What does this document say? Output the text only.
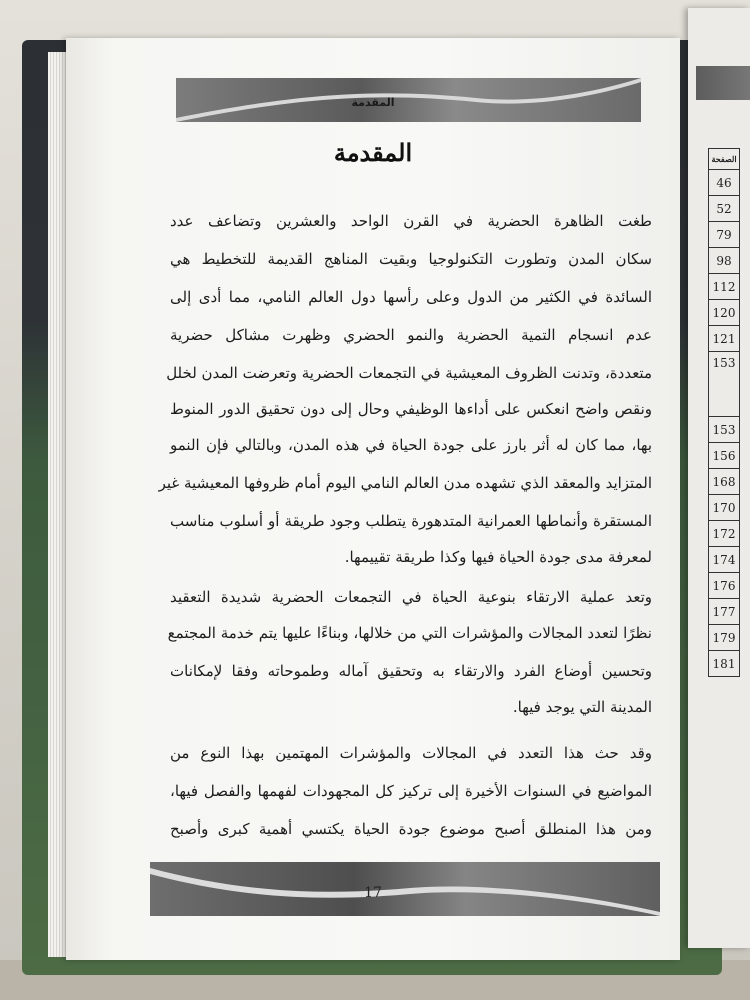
الصفحة
46
52
79
98
112
120
121
153
153
156
168
170
172
174
176
177
179
181
المقدمة
المقدمة
طغت الظاهرة الحضرية في القرن الواحد والعشرين وتضاعف عدد
سكان المدن وتطورت التكنولوجيا وبقيت المناهج القديمة للتخطيط هي
السائدة في الكثير من الدول وعلى رأسها دول العالم النامي، مما أدى إلى
عدم انسجام التمية الحضرية والنمو الحضري وظهرت مشاكل حضرية
متعددة، وتدنت الظروف المعيشية في التجمعات الحضرية وتعرضت المدن لخلل
ونقص واضح انعكس على أداءها الوظيفي وحال إلى دون تحقيق الدور المنوط
بها، مما كان له أثر بارز على جودة الحياة في هذه المدن، وبالتالي فإن النمو
المتزايد والمعقد الذي تشهده مدن العالم النامي اليوم أمام ظروفها المعيشية غير
المستقرة وأنماطها العمرانية المتدهورة يتطلب وجود طريقة أو أسلوب مناسب
لمعرفة مدى جودة الحياة فيها وكذا طريقة تقييمها.
وتعد عملية الارتقاء بنوعية الحياة في التجمعات الحضرية شديدة التعقيد
نظرًا لتعدد المجالات والمؤشرات التي من خلالها، وبناءًا عليها يتم خدمة المجتمع
وتحسين أوضاع الفرد والارتقاء به وتحقيق آماله وطموحاته وفقا لإمكانات
المدينة التي يوجد فيها.
وقد حث هذا التعدد في المجالات والمؤشرات المهتمين بهذا النوع من
المواضيع في السنوات الأخيرة إلى تركيز كل المجهودات لفهمها والفصل فيها،
ومن هذا المنطلق أصبح موضوع جودة الحياة يكتسي أهمية كبرى وأصبح
17
